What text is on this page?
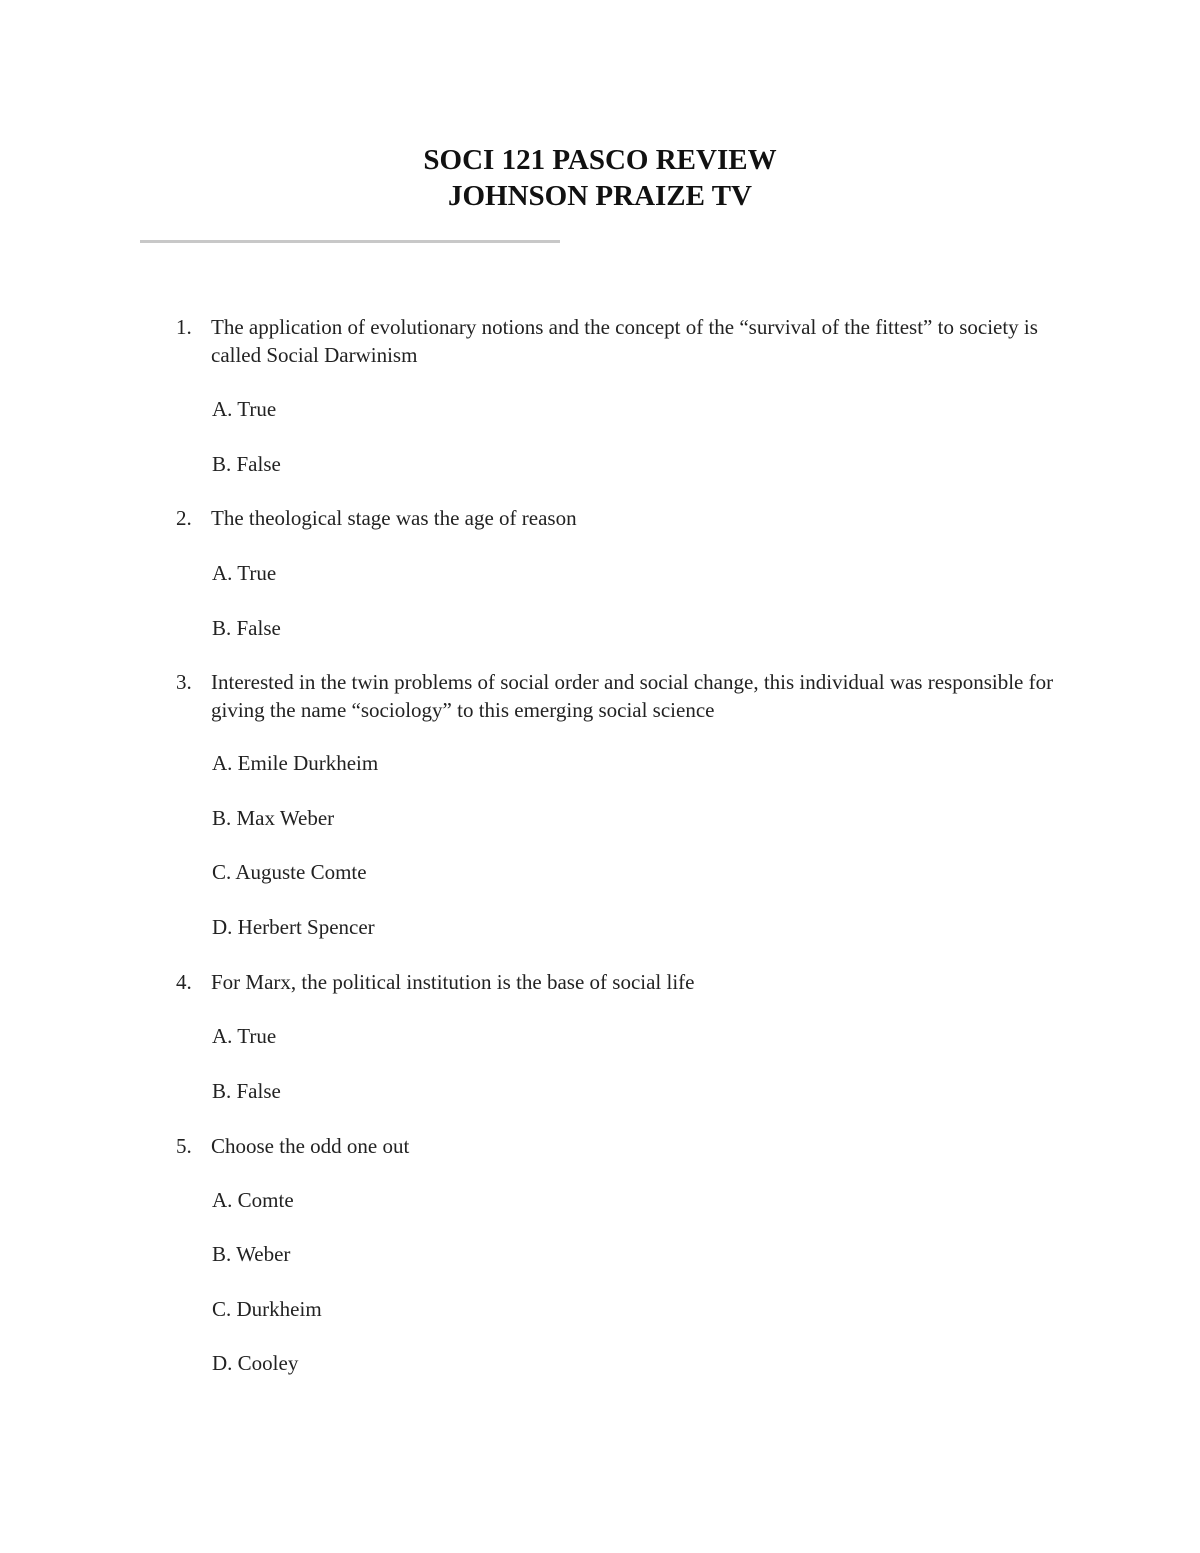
SOCI 121 PASCO REVIEW
JOHNSON PRAIZE TV
1. The application of evolutionary notions and the concept of the “survival of the fittest” to society is called Social Darwinism
A. True
B. False
2. The theological stage was the age of reason
A. True
B. False
3. Interested in the twin problems of social order and social change, this individual was responsible for giving the name “sociology” to this emerging social science
A. Emile Durkheim
B. Max Weber
C. Auguste Comte
D. Herbert Spencer
4. For Marx, the political institution is the base of social life
A. True
B. False
5. Choose the odd one out
A. Comte
B. Weber
C. Durkheim
D. Cooley
